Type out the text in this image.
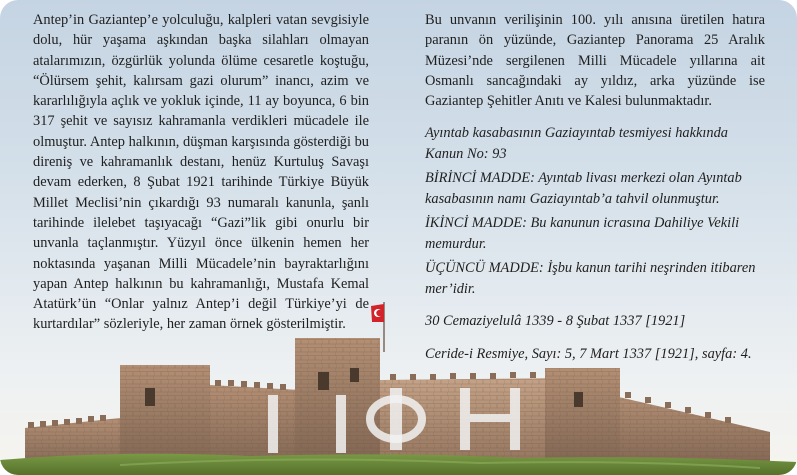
Antep’in Gaziantep’e yolculuğu, kalpleri vatan sevgisiyle dolu, hür yaşama aşkından başka silahları olmayan atalarımızın, özgürlük yolunda ölüme cesaretle koştuğu, “Ölürsem şehit, kalırsam gazi olurum” inancı, azim ve kararlılığıyla açlık ve yokluk içinde, 11 ay boyunca, 6 bin 317 şehit ve sayısız kahramanla verdikleri mücadele ile olmuştur. Antep halkının, düşman karşısında gösterdiği bu direniş ve kahramanlık destanı, henüz Kurtuluş Savaşı devam ederken, 8 Şubat 1921 tarihinde Türkiye Büyük Millet Meclisi’nin çıkardığı 93 numaralı kanunla, şanlı tarihinde ilelebet taşıyacağı “Gazi”lik gibi onurlu bir unvanla taçlanmıştır. Yüzyıl önce ülkenin hemen her noktasında yaşanan Milli Mücadele’nin bayraktarlığını yapan Antep halkının bu kahramanlığı, Mustafa Kemal Atatürk’ün “Onlar yalnız Antep’i değil Türkiye’yi de kurtardılar” sözleriyle, her zaman örnek gösterilmiştir.

Bu unvanın verilişinin 100. yılı anısına üretilen hatıra paranın ön yüzünde, Gaziantep Panorama 25 Aralık Müzesi’nde sergilenen Milli Mücadele yıllarına ait Osmanlı sancağındaki ay yıldız, arka yüzünde ise Gaziantep Şehitler Anıtı ve Kalesi bulunmaktadır.

Ayıntab kasabasının Gaziayıntab tesmiyesi hakkında Kanun No: 93

BİRİNCİ MADDE: Ayıntab livası merkezi olan Ayıntab kasabasının namı Gaziayıntab’a tahvil olunmuştur.

İKİNCİ MADDE: Bu kanunun icrasına Dahiliye Vekili memurdur.

ÜÇÜNCÜ MADDE: İşbu kanun tarihi neşrinden itibaren mer’idir.

30 Cemaziyelulâ 1339 - 8 Şubat 1337 [1921]

Ceride-i Resmiye, Sayı: 5, 7 Mart 1337 [1921], sayfa: 4.
